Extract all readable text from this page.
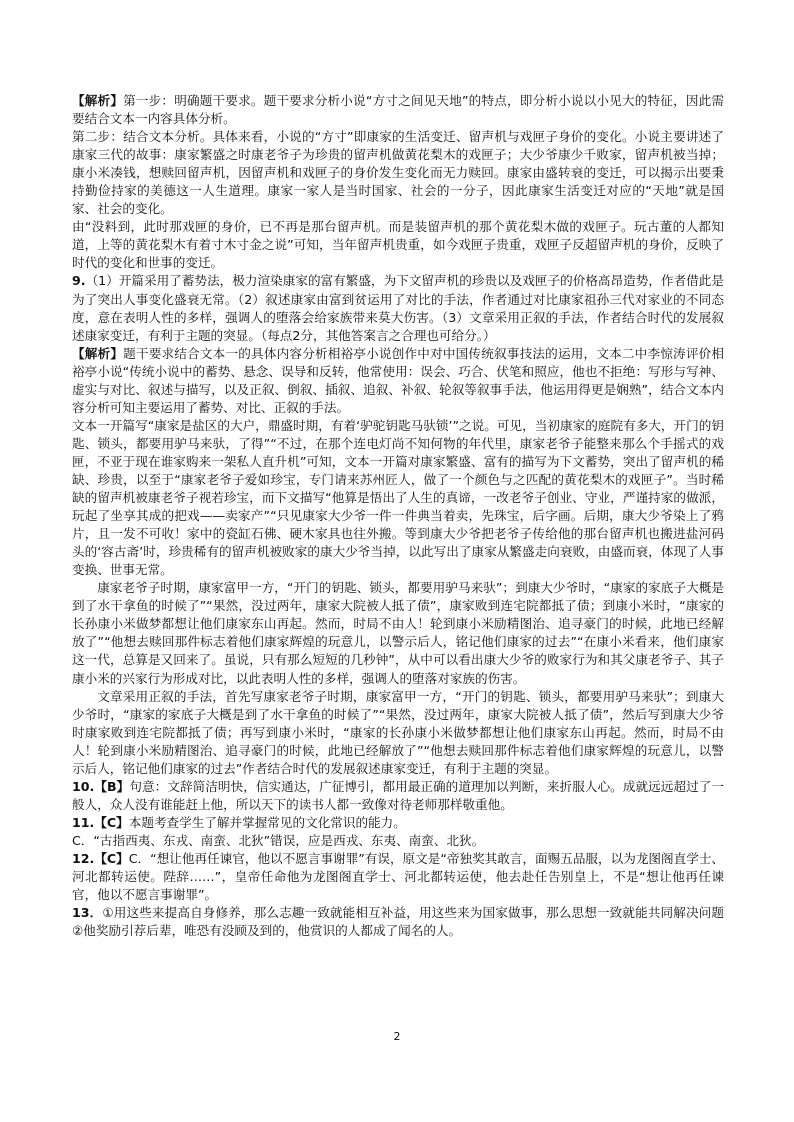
【解析】第一步：明确题干要求。题干要求分析小说“方寸之间见天地”的特点，即分析小说以小见大的特征，因此需要结合文本一内容具体分析。

第二步：结合文本分析。具体来看，小说的“方寸”即康家的生活变迁、留声机与戏匣子身价的变化。小说主要讲述了康家三代的故事：康家繁盛之时康老爷子为珍贵的留声机做黄花梨木的戏匣子；大少爷康少千败家，留声机被当掉；康小米凑钱，想赎回留声机，因留声机和戏匣子的身价发生变化而无力赎回。康家由盛转衰的变迁，可以揭示出要秉持勤俭持家的美德这一人生道理。康家一家人是当时国家、社会的一分子，因此康家生活变迁对应的“天地”就是国家、社会的变化。

由“没料到，此时那戏匣的身价，已不再是那台留声机。而是装留声机的那个黄花梨木做的戏匣子。玩古董的人都知道，上等的黄花梨木有着寸木寸金之说”可知，当年留声机贵重，如今戏匣子贵重，戏匣子反超留声机的身价，反映了时代的变化和世事的变迁。

9.（1）开篇采用了蓄势法，极力渲染康家的富有繁盛，为下文留声机的珍贵以及戏匣子的价格高昂造势，作者借此是为了突出人事变化盛衰无常。（2）叙述康家由富到贫运用了对比的手法，作者通过对比康家祖孙三代对家业的不同态度，意在表明人性的多样，强调人的堕落会给家族带来莫大伤害。（3）文章采用正叙的手法，作者结合时代的发展叙述康家变迁，有利于主题的突显。（每点2分，其他答案言之合理也可给分。）

【解析】题干要求结合文本一的具体内容分析相裕亭小说创作中对中国传统叙事技法的运用，文本二中李惊涛评价相裕亭小说“传统小说中的蓄势、悬念、误导和反转，他常使用：误会、巧合、伏笔和照应，他也不拒绝：写形与写神、虚实与对比、叙述与描写，以及正叙、倒叙、插叙、追叙、补叙、轮叙等叙事手法，他运用得更是娴熟”，结合文本内容分析可知主要运用了蓄势、对比、正叙的手法。

文本一开篇写“康家是盐区的大户，鼎盛时期，有着‘驴驼钥匙马驮锁’”之说。可见，当初康家的庭院有多大，开门的钥匙、锁头，都要用驴马来驮，了得”“不过，在那个连电灯尚不知何物的年代里，康家老爷子能整来那么个手摇式的戏匣，不亚于现在谁家购来一架私人直升机”可知，文本一开篇对康家繁盛、富有的描写为下文蓄势，突出了留声机的稀缺、珍贵，以至于“康家老爷子爱如珍宝，专门请来苏州匠人，做了一个颜色与之匹配的黄花梨木的戏匣子”。当时稀缺的留声机被康老爷子视若珍宝，而下文描写“他算是悟出了人生的真谛，一改老爷子创业、守业，严谨持家的做派，玩起了坐享其成的把戏——卖家产”“只见康家大少爷一件一件典当着卖，先珠宝，后字画。后期，康大少爷染上了鸦片，且一发不可收！家中的瓷缸石佛、硬木家具也往外搬。等到康大少爷把老爷子传给他的那台留声机也搬进盐河码头的‘容古斋’时，珍贵稀有的留声机被败家的康大少爷当掉，以此写出了康家从繁盛走向衰败，由盛而衰，体现了人事变换、世事无常。

康家老爷子时期，康家富甲一方，“开门的钥匙、锁头，都要用驴马来驮”；到康大少爷时，“康家的家底子大概是到了水干拿鱼的时候了”“果然，没过两年，康家大院被人抵了债”，康家败到连宅院都抵了债；到康小米时，“康家的长孙康小米做梦都想让他们康家东山再起。然而，时局不由人！轮到康小米励精图治、追寻豪门的时候，此地已经解放了”“他想去赎回那件标志着他们康家辉煌的玩意儿，以警示后人，铭记他们康家的过去”“在康小米看来，他们康家这一代，总算是又回来了。虽说，只有那么短短的几秒钟”，从中可以看出康大少爷的败家行为和其父康老爷子、其子康小米的兴家行为形成对比，以此表明人性的多样，强调人的堕落对家族的伤害。

文章采用正叙的手法，首先写康家老爷子时期，康家富甲一方，“开门的钥匙、锁头，都要用驴马来驮”；到康大少爷时，“康家的家底子大概是到了水干拿鱼的时候了”“果然，没过两年，康家大院被人抵了债”，然后写到康大少爷时康家败到连宅院都抵了债；再写到康小米时，“康家的长孙康小米做梦都想让他们康家东山再起。然而，时局不由人！轮到康小米励精图治、追寻豪门的时候，此地已经解放了”“他想去赎回那件标志着他们康家辉煌的玩意儿，以警示后人，铭记他们康家的过去”作者结合时代的发展叙述康家变迁，有利于主题的突显。

10.【B】句意：文辞简洁明快，信实通达，广征博引，都用最正确的道理加以判断，来折服人心。成就远远超过了一般人，众人没有谁能赶上他，所以天下的读书人都一致像对待老师那样敬重他。

11.【C】本题考查学生了解并掌握常见的文化常识的能力。

C．“古指西夷、东戎、南蛮、北狄”错误，应是西戎、东夷、南蛮、北狄。

12.【C】C．“想让他再任谏官，他以不愿言事谢罪”有误，原文是“帝独奖其敢言，面赐五品服，以为龙图阁直学士、河北都转运使。陛辞……”，皇帝任命他为龙图阁直学士、河北都转运使，他去赴任告别皇上，不是“想让他再任谏官，他以不愿言事谢罪”。

13．①用这些来提高自身修养，那么志趣一致就能相互补益，用这些来为国家做事，那么思想一致就能共同解决问题②他奖励引荐后辈，唯恐有没顾及到的，他赏识的人都成了闻名的人。

2
